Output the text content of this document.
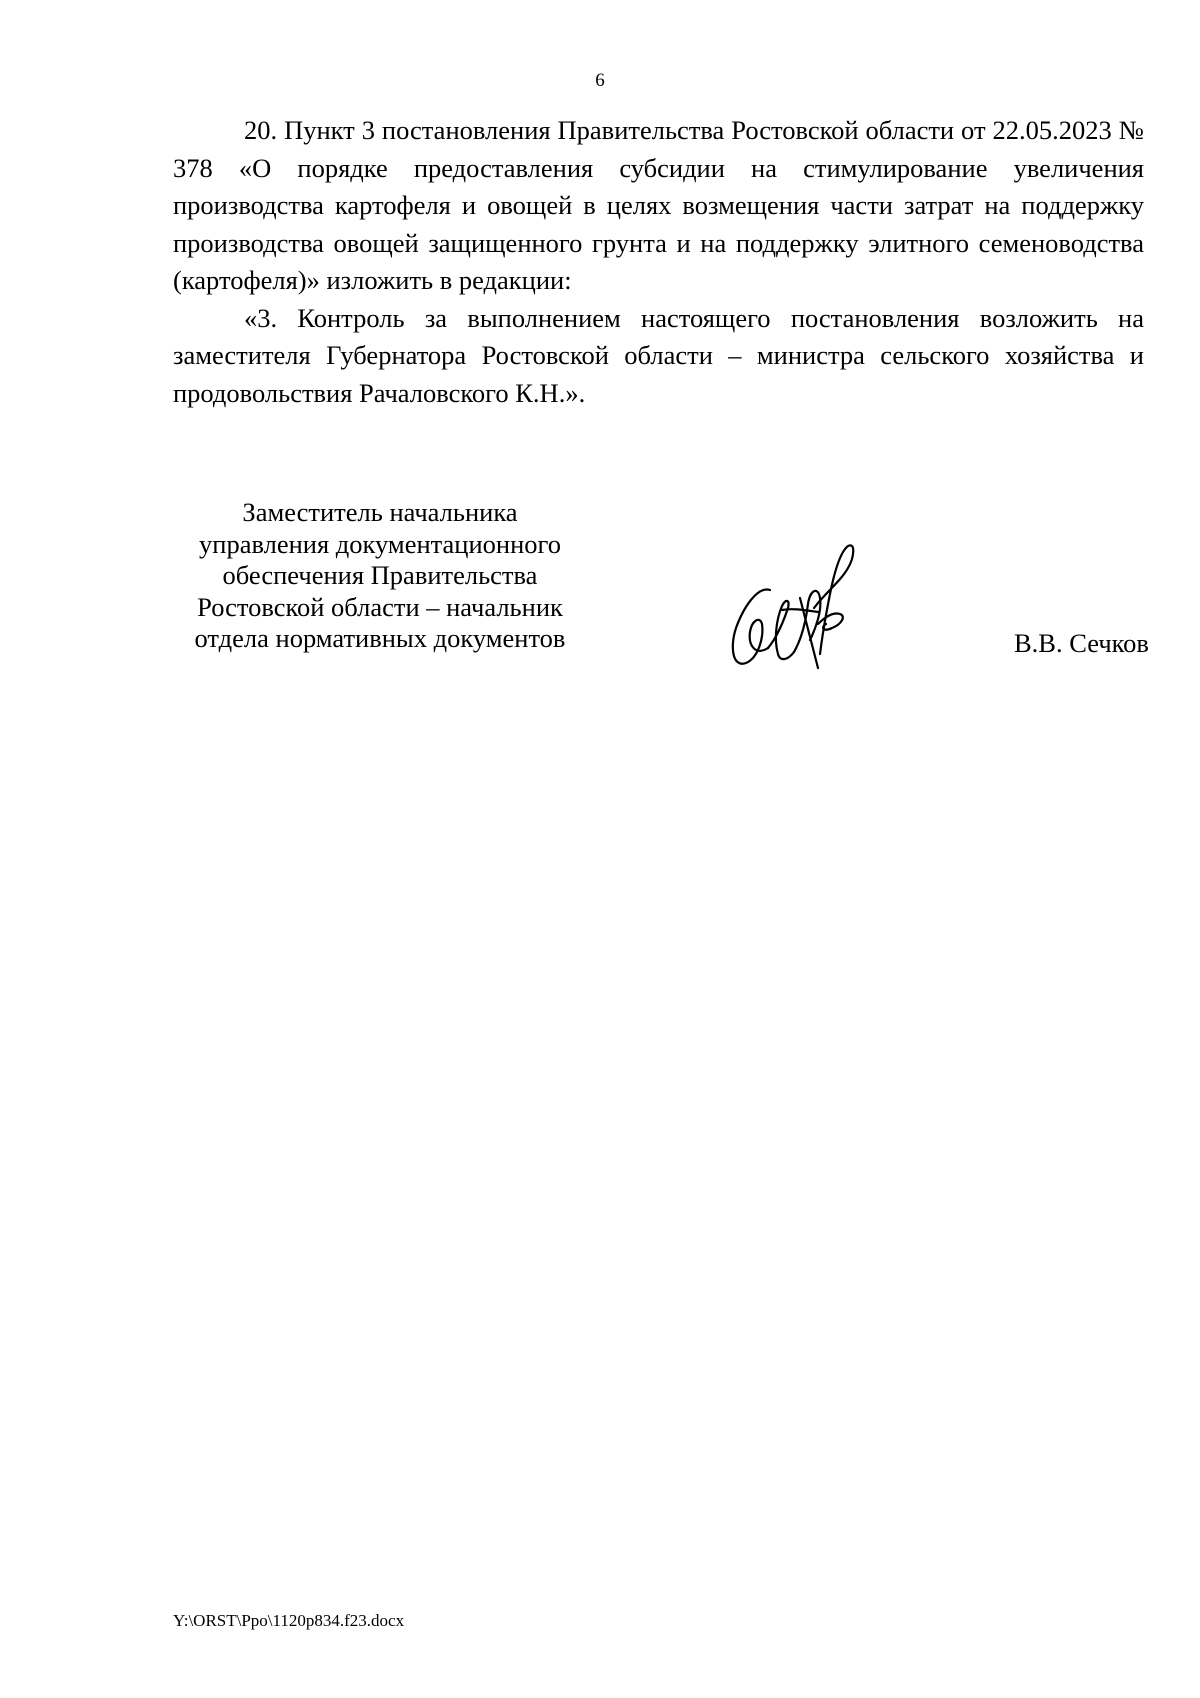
6

20. Пункт 3 постановления Правительства Ростовской области от 22.05.2023 № 378 «О порядке предоставления субсидии на стимулирование увеличения производства картофеля и овощей в целях возмещения части затрат на поддержку производства овощей защищенного грунта и на поддержку элитного семеноводства (картофеля)» изложить в редакции:

«3. Контроль за выполнением настоящего постановления возложить на заместителя Губернатора Ростовской области – министра сельского хозяйства и продовольствия Рачаловского К.Н.».

Заместитель начальника
управления документационного
обеспечения Правительства
Ростовской области – начальник
отдела нормативных документов	В.В. Сечков
Y:\ORST\Ppo\1120p834.f23.docx
